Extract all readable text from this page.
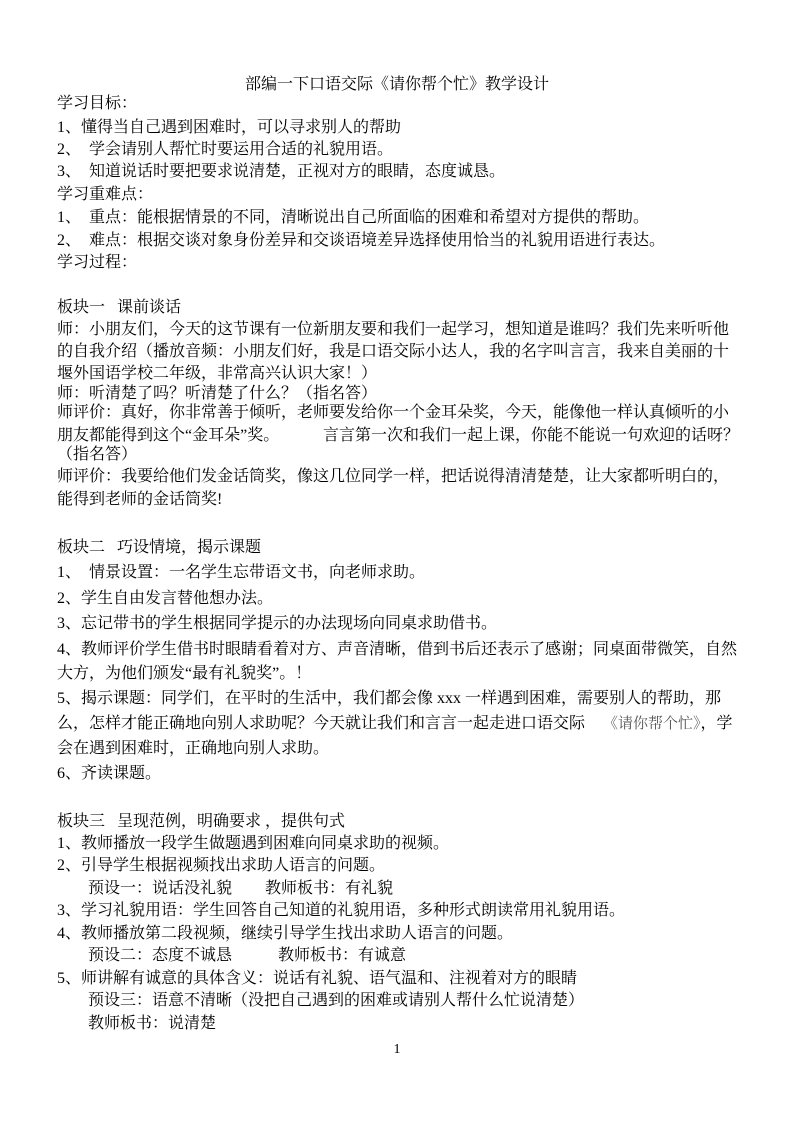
部编一下口语交际《请你帮个忙》教学设计
学习目标：
1、懂得当自己遇到困难时，可以寻求别人的帮助
2、  学会请别人帮忙时要运用合适的礼貌用语。
3、  知道说话时要把要求说清楚，正视对方的眼睛，态度诚恳。
学习重难点：
1、  重点：能根据情景的不同，清晰说出自己所面临的困难和希望对方提供的帮助。
2、  难点：根据交谈对象身份差异和交谈语境差异选择使用恰当的礼貌用语进行表达。
学习过程：
板块一   课前谈话
师：小朋友们，今天的这节课有一位新朋友要和我们一起学习，想知道是谁吗？我们先来听听他
的自我介绍（播放音频：小朋友们好，我是口语交际小达人，我的名字叫言言，我来自美丽的十
堰外国语学校二年级，非常高兴认识大家！）
师：听清楚了吗？听清楚了什么？（指名答）
师评价：真好，你非常善于倾听，老师要发给你一个金耳朵奖，今天，能像他一样认真倾听的小
朋友都能得到这个“金耳朵”奖。	言言第一次和我们一起上课，你能不能说一句欢迎的话呀？
（指名答）
师评价：我要给他们发金话筒奖，像这几位同学一样，把话说得清清楚楚，让大家都听明白的，
能得到老师的金话筒奖!
板块二   巧设情境，揭示课题
1、  情景设置：一名学生忘带语文书，向老师求助。
2、学生自由发言替他想办法。
3、忘记带书的学生根据同学提示的办法现场向同桌求助借书。
4、教师评价学生借书时眼睛看着对方、声音清晰，借到书后还表示了感谢；同桌面带微笑，自然
大方，为他们颁发“最有礼貌奖”。！
5、揭示课题：同学们，在平时的生活中，我们都会像 xxx 一样遇到困难，需要别人的帮助，那
么，怎样才能正确地向别人求助呢？今天就让我们和言言一起走进口语交际 《请你帮个忙》，学
会在遇到困难时，正确地向别人求助。
6、齐读课题。
板块三   呈现范例，明确要求 ，提供句式
1、教师播放一段学生做题遇到困难向同桌求助的视频。
2、引导学生根据视频找出求助人语言的问题。
预设一：说话没礼貌 教师板书：有礼貌
3、学习礼貌用语：学生回答自己知道的礼貌用语，多种形式朗读常用礼貌用语。
4、教师播放第二段视频，继续引导学生找出求助人语言的问题。
预设二：态度不诚恳	教师板书：有诚意
5、师讲解有诚意的具体含义：说话有礼貌、语气温和、注视着对方的眼睛
预设三：语意不清晰（没把自己遇到的困难或请别人帮什么忙说清楚）
教师板书：说清楚
1
